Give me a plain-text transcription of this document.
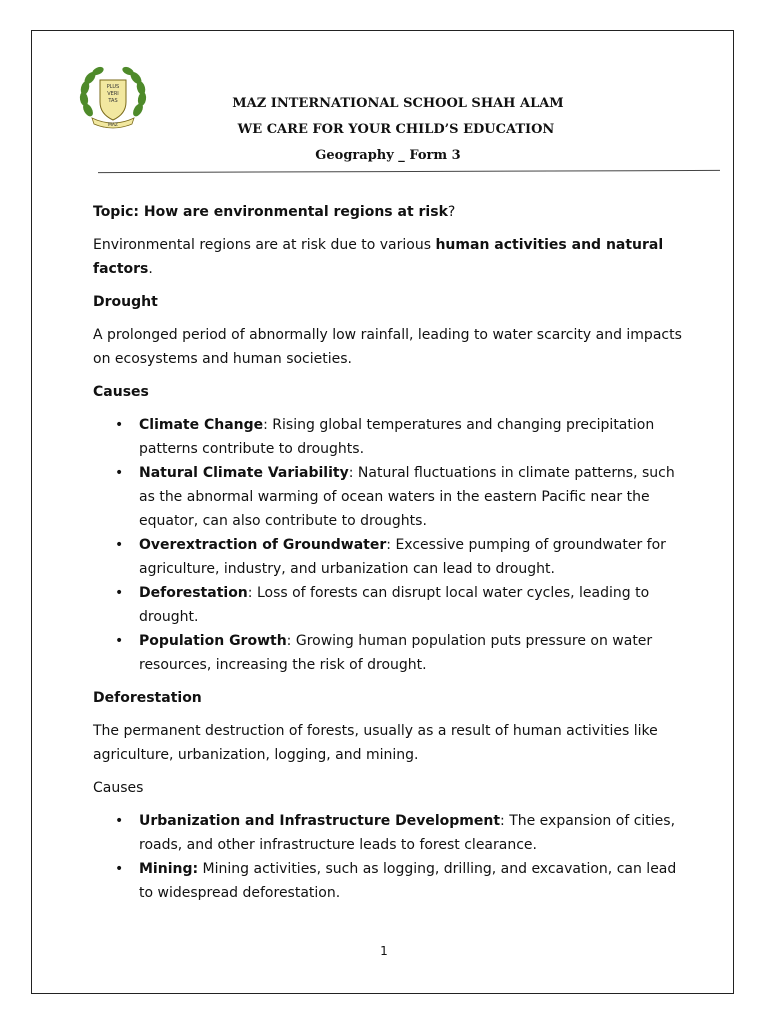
PLUS
VERI
TAS
MAZ
MAZ INTERNATIONAL SCHOOL SHAH ALAM
WE CARE FOR YOUR CHILD’S EDUCATION
Geography _ Form 3

Topic: How are environmental regions at risk?

Environmental regions are at risk due to various human activities and natural factors.

Drought

A prolonged period of abnormally low rainfall, leading to water scarcity and impacts on ecosystems and human societies.

Causes

• Climate Change: Rising global temperatures and changing precipitation patterns contribute to droughts.
• Natural Climate Variability: Natural fluctuations in climate patterns, such as the abnormal warming of ocean waters in the eastern Pacific near the equator, can also contribute to droughts.
• Overextraction of Groundwater: Excessive pumping of groundwater for agriculture, industry, and urbanization can lead to drought.
• Deforestation: Loss of forests can disrupt local water cycles, leading to drought.
• Population Growth: Growing human population puts pressure on water resources, increasing the risk of drought.

Deforestation

The permanent destruction of forests, usually as a result of human activities like agriculture, urbanization, logging, and mining.

Causes

• Urbanization and Infrastructure Development: The expansion of cities, roads, and other infrastructure leads to forest clearance.
• Mining: Mining activities, such as logging, drilling, and excavation, can lead to widespread deforestation.
1
